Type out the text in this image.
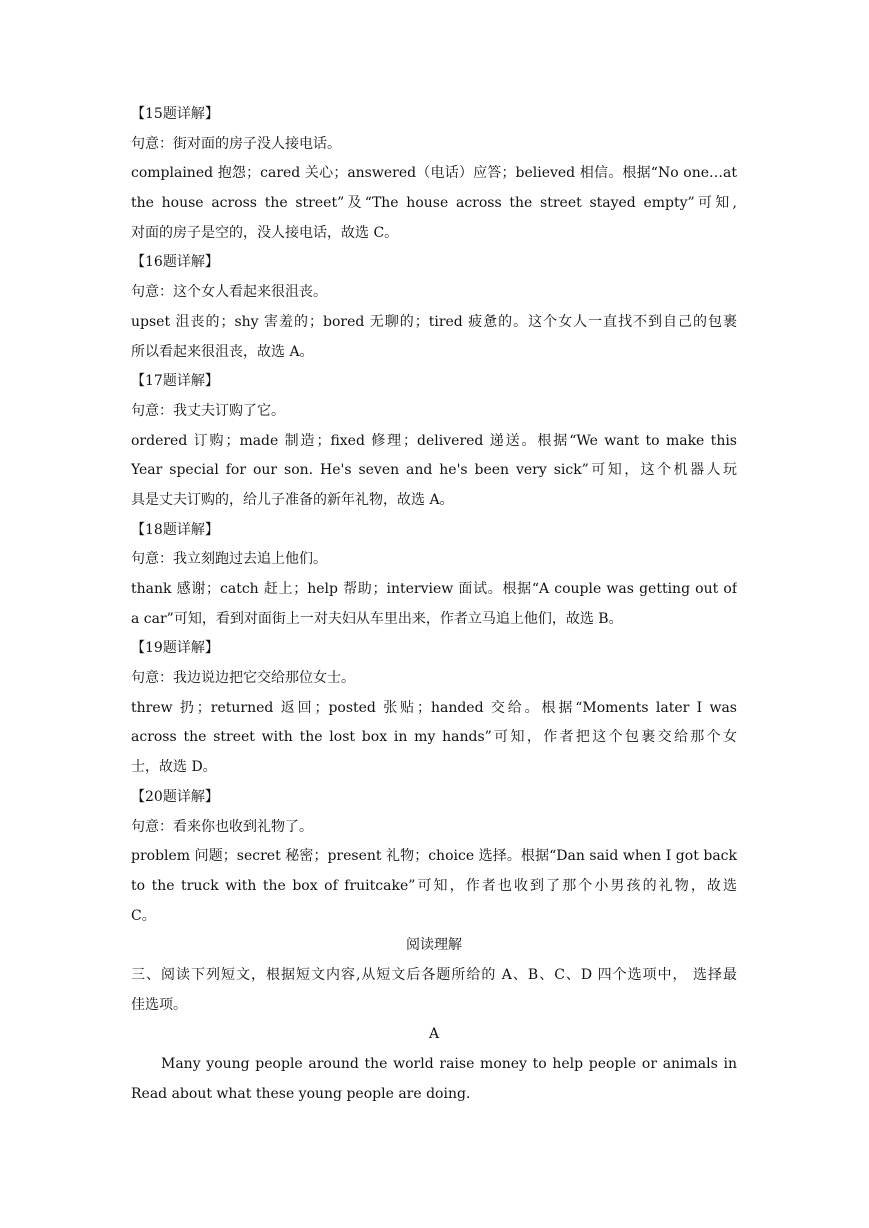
【15题详解】
句意：街对面的房子没人接电话。
complained 抱怨；cared 关心；answered（电话）应答；believed 相信。根据“No one…at
the house across the street”及“The house across the street stayed empty”可知,
对面的房子是空的，没人接电话，故选 C。
【16题详解】
句意：这个女人看起来很沮丧。
upset 沮丧的；shy 害羞的；bored 无聊的；tired 疲惫的。这个女人一直找不到自己的包裹
所以看起来很沮丧，故选 A。
【17题详解】
句意：我丈夫订购了它。
ordered 订购；made 制造；fixed 修理；delivered 递送。根据“We want to make this
Year special for our son. He's seven and he's been very sick”可知，这个机器人玩
具是丈夫订购的，给儿子准备的新年礼物，故选 A。
【18题详解】
句意：我立刻跑过去追上他们。
thank 感谢；catch 赶上；help 帮助；interview 面试。根据“A couple was getting out of
a car”可知，看到对面街上一对夫妇从车里出来，作者立马追上他们，故选 B。
【19题详解】
句意：我边说边把它交给那位女士。
threw 扔；returned 返回；posted 张贴；handed 交给。根据“Moments later I was
across the street with the lost box in my hands”可知，作者把这个包裹交给那个女
士，故选 D。
【20题详解】
句意：看来你也收到礼物了。
problem 问题；secret 秘密；present 礼物；choice 选择。根据“Dan said when I got back
to the truck with the box of fruitcake”可知，作者也收到了那个小男孩的礼物，故选
C。
阅读理解
三、阅读下列短文，根据短文内容,从短文后各题所给的 A、B、C、D 四个选项中， 选择最
佳选项。
A
Many young people around the world raise money to help people or animals in
Read about what these young people are doing.
